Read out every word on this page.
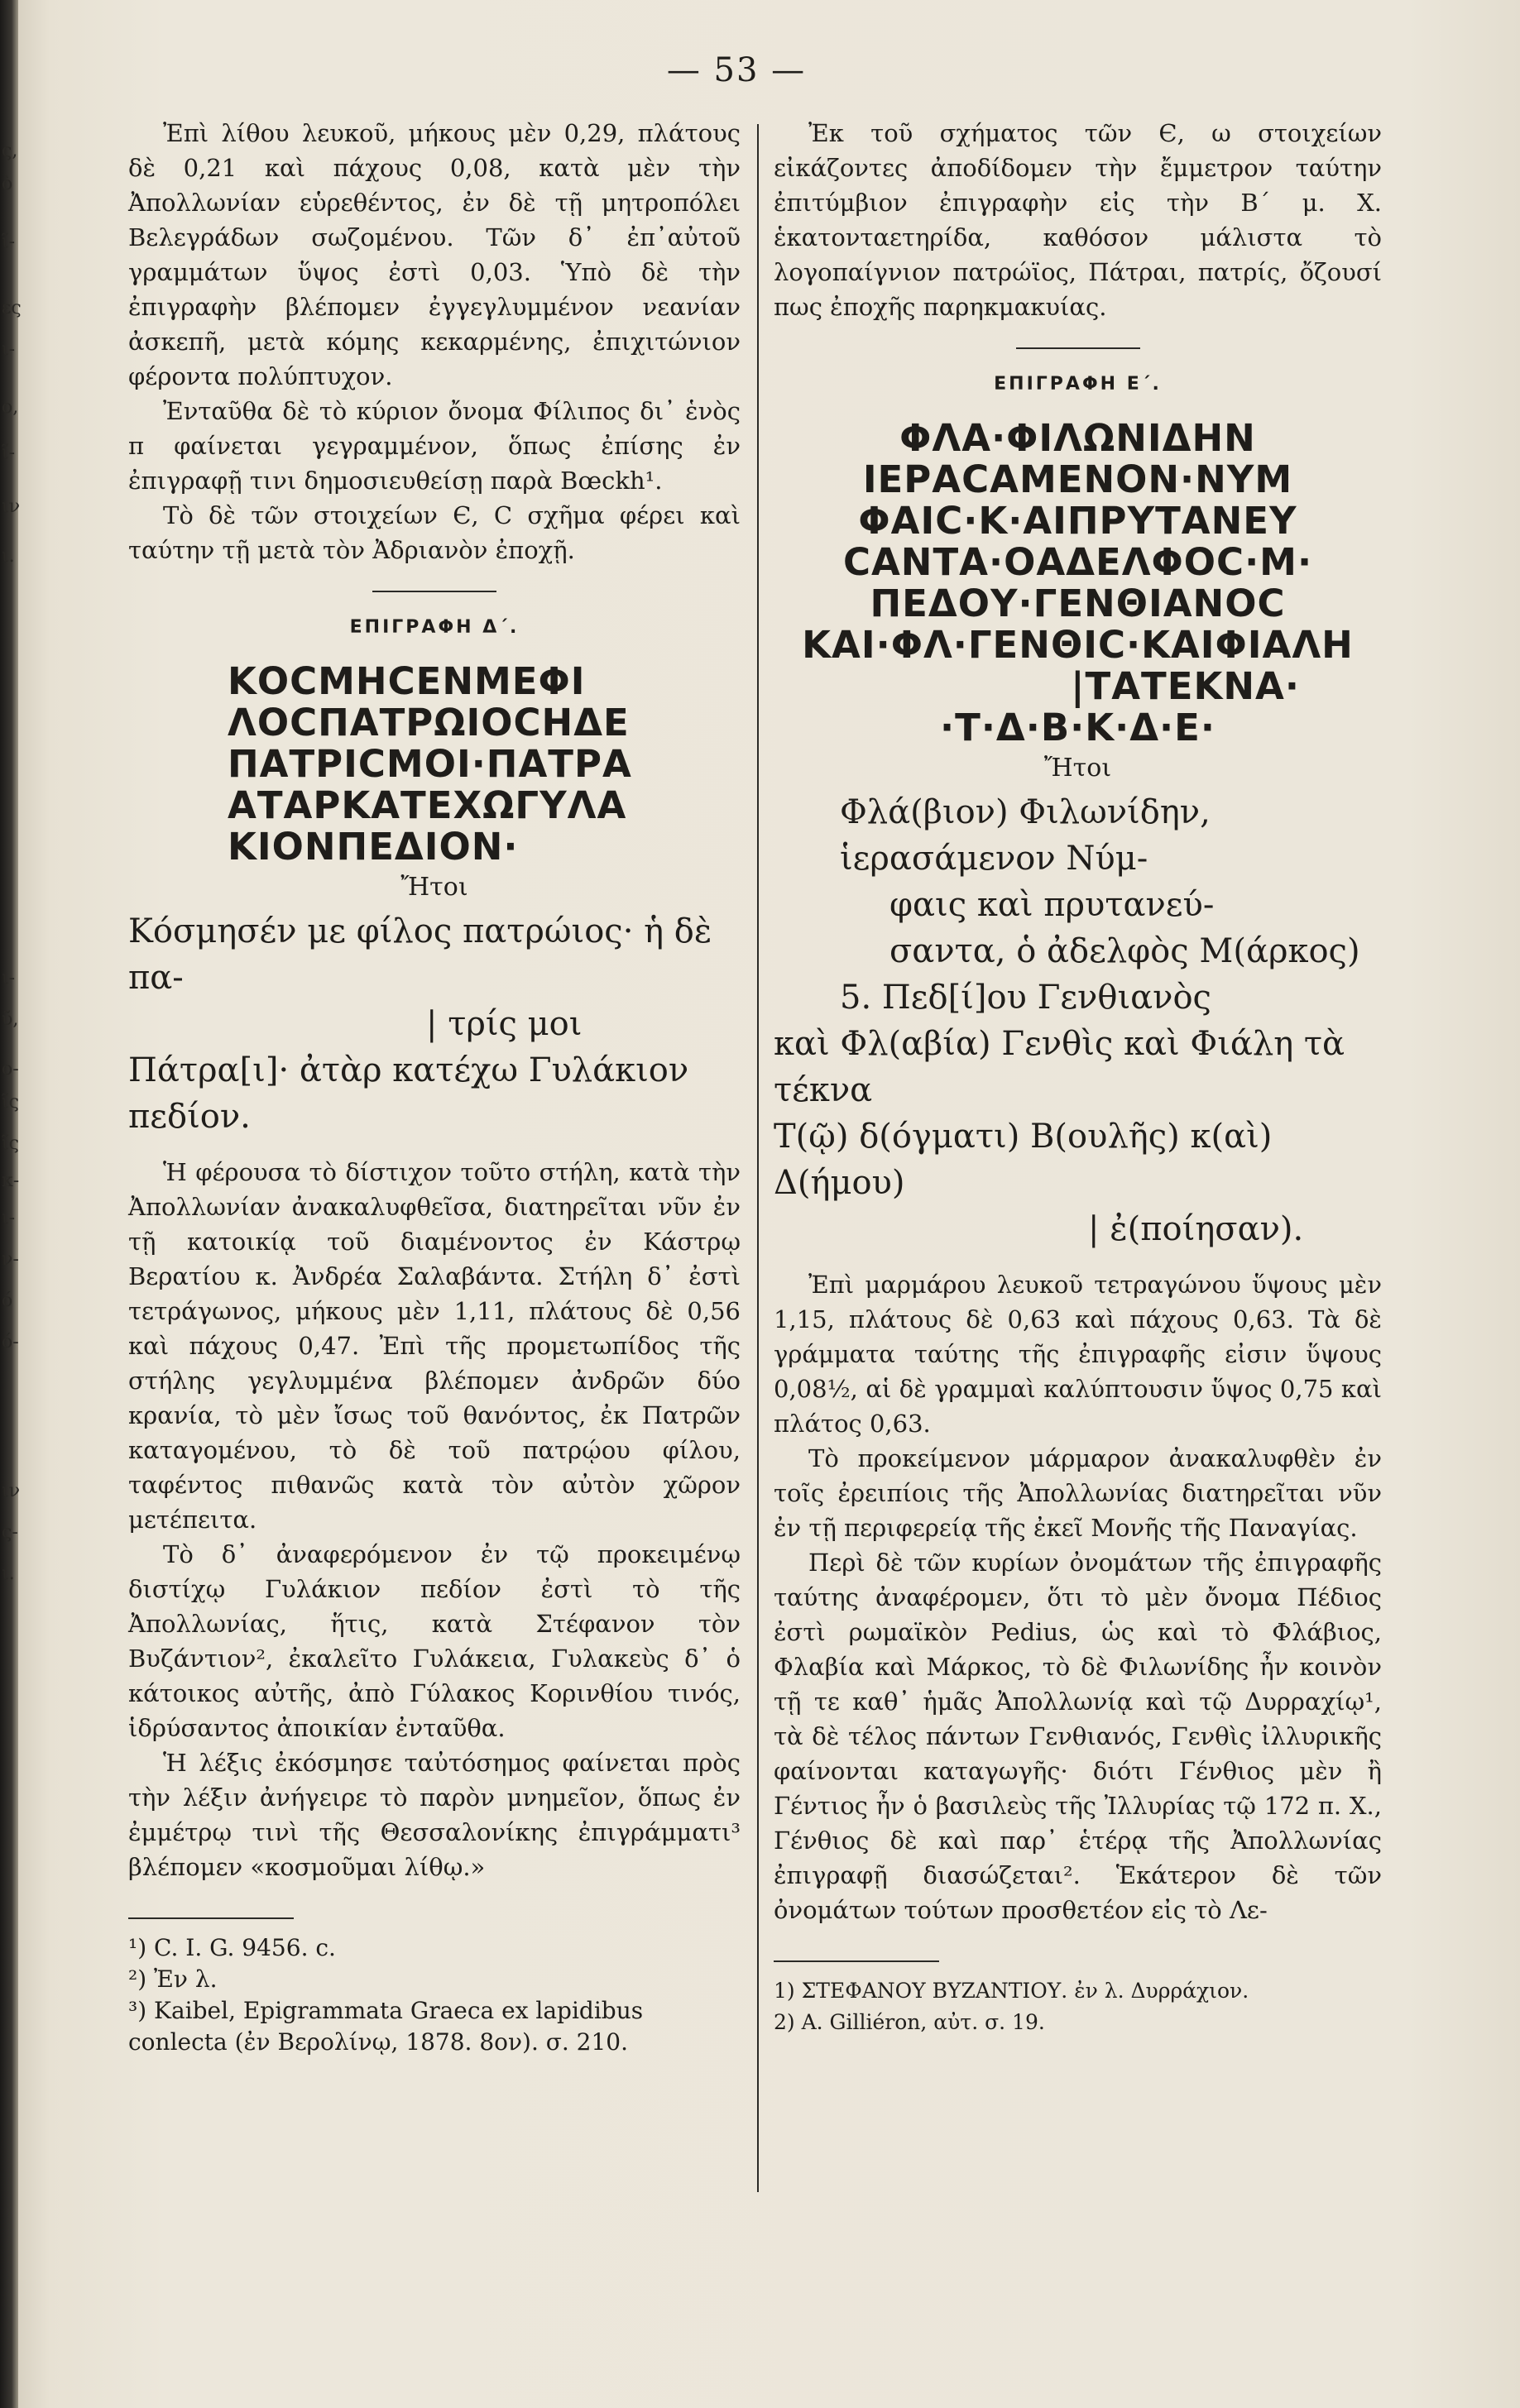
ς,
ὸ
ῖ-
ες
ι-
ο,
ῖ-
ιν
ι.
ι-
ῦ,
ο-
ῖς
ῖς
κ-
ι-
ν-
ό
ό-
ιν
ς-
ι.
— 53 —

Ἐπὶ λίθου λευκοῦ, μήκους μὲν 0,29, πλάτους δὲ 0,21 καὶ πάχους 0,08, κατὰ μὲν τὴν Ἀπολλωνίαν εὑρεθέντος, ἐν δὲ τῇ μητροπόλει Βελεγράδων σωζομένου. Τῶν δ᾽ ἐπ᾽αὐτοῦ γραμμάτων ὕψος ἐστὶ 0,03. Ὑπὸ δὲ τὴν ἐπιγραφὴν βλέπομεν ἐγγεγλυμμένον νεανίαν ἀσκεπῆ, μετὰ κόμης κεκαρμένης, ἐπιχιτώνιον φέροντα πολύπτυχον.

Ἐνταῦθα δὲ τὸ κύριον ὄνομα Φίλιπος δι᾽ ἑνὸς π φαίνεται γεγραμμένον, ὅπως ἐπίσης ἐν ἐπιγραφῇ τινι δημοσιευθείσῃ παρὰ Bœckh¹.

Τὸ δὲ τῶν στοιχείων Є, C σχῆμα φέρει καὶ ταύτην τῇ μετὰ τὸν Ἀδριανὸν ἐποχῇ.

ΕΠΙΓΡΑΦΗ Δ΄.
ΚΟCΜΗCΕΝΜΕΦΙ
ΛΟCΠΑΤΡΩΙΟCΗΔΕ
ΠΑΤΡΙCΜΟΙ·ΠΑΤΡΑ
ΑΤΑΡΚΑΤΕΧΩΓΥΛΑ
ΚΙΟΝΠΕΔΙΟΝ·
Ἤτοι
Κόσμησέν με φίλος πατρώιος· ἡ δὲ πα-
| τρίς μοι
Πάτρα[ι]· ἀτὰρ κατέχω Γυλάκιον πεδίον.

Ἡ φέρουσα τὸ δίστιχον τοῦτο στήλη, κατὰ τὴν Ἀπολλωνίαν ἀνακαλυφθεῖσα, διατηρεῖται νῦν ἐν τῇ κατοικίᾳ τοῦ διαμένοντος ἐν Κάστρῳ Βερατίου κ. Ἀνδρέα Σαλαβάντα. Στήλη δ᾽ ἐστὶ τετράγωνος, μήκους μὲν 1,11, πλάτους δὲ 0,56 καὶ πάχους 0,47. Ἐπὶ τῆς προμετωπίδος τῆς στήλης γεγλυμμένα βλέπομεν ἀνδρῶν δύο κρανία, τὸ μὲν ἴσως τοῦ θανόντος, ἐκ Πατρῶν καταγομένου, τὸ δὲ τοῦ πατρῴου φίλου, ταφέντος πιθανῶς κατὰ τὸν αὐτὸν χῶρον μετέπειτα.

Τὸ δ᾽ ἀναφερόμενον ἐν τῷ προκειμένῳ διστίχῳ Γυλάκιον πεδίον ἐστὶ τὸ τῆς Ἀπολλωνίας, ἥτις, κατὰ Στέφανον τὸν Βυζάντιον², ἐκαλεῖτο Γυλάκεια, Γυλακεὺς δ᾽ ὁ κάτοικος αὐτῆς, ἀπὸ Γύλακος Κορινθίου τινός, ἱδρύσαντος ἀποικίαν ἐνταῦθα.

Ἡ λέξις ἐκόσμησε ταὐτόσημος φαίνεται πρὸς τὴν λέξιν ἀνήγειρε τὸ παρὸν μνημεῖον, ὅπως ἐν ἐμμέτρῳ τινὶ τῆς Θεσσαλονίκης ἐπιγράμματι³ βλέπομεν «κοσμοῦμαι λίθῳ.»

¹) C. I. G. 9456. c.
²) Ἐν λ.
³) Kaibel, Epigrammata Graeca ex lapidibus conlecta (ἐν Βερολίνῳ, 1878. 8ον). σ. 210.

Ἐκ τοῦ σχήματος τῶν Є, ω στοιχείων εἰκάζοντες ἀποδίδομεν τὴν ἔμμετρον ταύτην ἐπιτύμβιον ἐπιγραφὴν εἰς τὴν Β΄ μ. Χ. ἑκατονταετηρίδα, καθόσον μάλιστα τὸ λογοπαίγνιον πατρώϊος, Πάτραι, πατρίς, ὄζουσί πως ἐποχῆς παρηκμακυίας.

ΕΠΙΓΡΑΦΗ Ε΄.
ΦΛΑ·ΦΙΛΩΝΙΔΗΝ
ΙΕΡΑCΑΜΕΝΟΝ·ΝΥΜ
ΦΑΙC·Κ·ΑΙΠΡΥΤΑΝΕΥ
CΑΝΤΑ·ΟΑΔΕΛΦΟC·Μ·
ΠΕΔΟΥ·ΓΕΝΘΙΑΝΟC
ΚΑΙ·ΦΛ·ΓΕΝΘΙC·ΚΑΙΦΙΑΛΗ
|ΤΑΤΕΚΝΑ·
·Τ·Δ·Β·Κ·Δ·Ε·
Ἤτοι
Φλά(βιον) Φιλωνίδην,
ἱερασάμενον Νύμ-
φαις καὶ πρυτανεύ-
σαντα, ὁ ἀδελφὸς Μ(άρκος)
5. Πεδ[ί]ου Γενθιανὸς
καὶ Φλ(αβία) Γενθὶς καὶ Φιάλη τὰ τέκνα
Τ(ῷ) δ(όγματι) Β(ουλῆς) κ(αὶ) Δ(ήμου)
| ἐ(ποίησαν).

Ἐπὶ μαρμάρου λευκοῦ τετραγώνου ὕψους μὲν 1,15, πλάτους δὲ 0,63 καὶ πάχους 0,63. Τὰ δὲ γράμματα ταύτης τῆς ἐπιγραφῆς εἰσιν ὕψους 0,08½, αἱ δὲ γραμμαὶ καλύπτουσιν ὕψος 0,75 καὶ πλάτος 0,63.

Τὸ προκείμενον μάρμαρον ἀνακαλυφθὲν ἐν τοῖς ἐρειπίοις τῆς Ἀπολλωνίας διατηρεῖται νῦν ἐν τῇ περιφερείᾳ τῆς ἐκεῖ Μονῆς τῆς Παναγίας.

Περὶ δὲ τῶν κυρίων ὀνομάτων τῆς ἐπιγραφῆς ταύτης ἀναφέρομεν, ὅτι τὸ μὲν ὄνομα Πέδιος ἐστὶ ρωμαϊκὸν Pedius, ὡς καὶ τὸ Φλάβιος, Φλαβία καὶ Μάρκος, τὸ δὲ Φιλωνίδης ἦν κοινὸν τῇ τε καθ᾽ ἡμᾶς Ἀπολλωνίᾳ καὶ τῷ Δυρραχίῳ¹, τὰ δὲ τέλος πάντων Γενθιανός, Γενθὶς ἰλλυρικῆς φαίνονται καταγωγῆς· διότι Γένθιος μὲν ἢ Γέντιος ἦν ὁ βασιλεὺς τῆς Ἰλλυρίας τῷ 172 π. Χ., Γένθιος δὲ καὶ παρ᾽ ἑτέρᾳ τῆς Ἀπολλωνίας ἐπιγραφῇ διασώζεται². Ἑκάτερον δὲ τῶν ὀνομάτων τούτων προσθετέον εἰς τὸ Λε-

1) ΣΤΕΦΑΝΟΥ ΒΥΖΑΝΤΙΟΥ. ἐν λ. Δυρράχιον.
2) A. Gilliéron, αὐτ. σ. 19.
